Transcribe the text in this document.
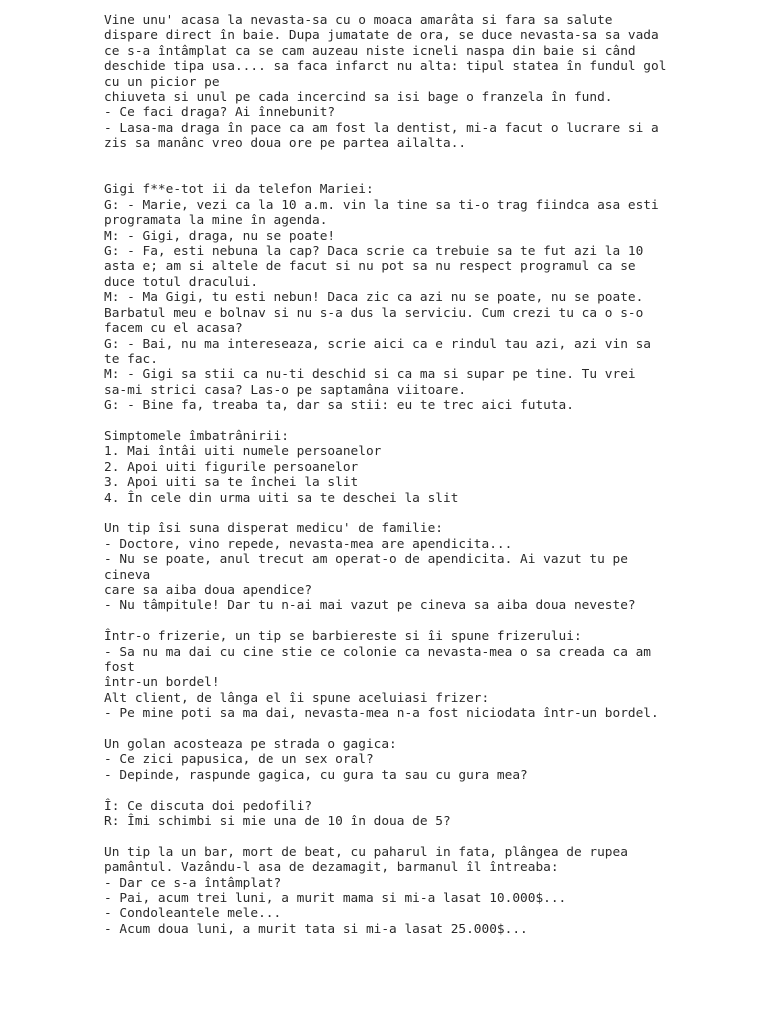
Vine unu' acasa la nevasta-sa cu o moaca amarâta si fara sa salute
dispare direct în baie. Dupa jumatate de ora, se duce nevasta-sa sa vada
ce s-a întâmplat ca se cam auzeau niste icneli naspa din baie si când
deschide tipa usa.... sa faca infarct nu alta: tipul statea în fundul gol
cu un picior pe
chiuveta si unul pe cada incercind sa isi bage o franzela în fund.
- Ce faci draga? Ai înnebunit?
- Lasa-ma draga în pace ca am fost la dentist, mi-a facut o lucrare si a
zis sa manânc vreo doua ore pe partea ailalta..
Gigi f**e-tot ii da telefon Mariei:
G: - Marie, vezi ca la 10 a.m. vin la tine sa ti-o trag fiindca asa esti
programata la mine în agenda.
M: - Gigi, draga, nu se poate!
G: - Fa, esti nebuna la cap? Daca scrie ca trebuie sa te fut azi la 10
asta e; am si altele de facut si nu pot sa nu respect programul ca se
duce totul dracului.
M: - Ma Gigi, tu esti nebun! Daca zic ca azi nu se poate, nu se poate.
Barbatul meu e bolnav si nu s-a dus la serviciu. Cum crezi tu ca o s-o
facem cu el acasa?
G: - Bai, nu ma intereseaza, scrie aici ca e rindul tau azi, azi vin sa
te fac.
M: - Gigi sa stii ca nu-ti deschid si ca ma si supar pe tine. Tu vrei
sa-mi strici casa? Las-o pe saptamâna viitoare.
G: - Bine fa, treaba ta, dar sa stii: eu te trec aici fututa.
Simptomele îmbatrânirii:
1. Mai întâi uiti numele persoanelor
2. Apoi uiti figurile persoanelor
3. Apoi uiti sa te închei la slit
4. În cele din urma uiti sa te deschei la slit
Un tip îsi suna disperat medicu' de familie:
- Doctore, vino repede, nevasta-mea are apendicita...
- Nu se poate, anul trecut am operat-o de apendicita. Ai vazut tu pe
cineva
care sa aiba doua apendice?
- Nu tâmpitule! Dar tu n-ai mai vazut pe cineva sa aiba doua neveste?
Într-o frizerie, un tip se barbiereste si îi spune frizerului:
- Sa nu ma dai cu cine stie ce colonie ca nevasta-mea o sa creada ca am
fost
într-un bordel!
Alt client, de lânga el îi spune aceluiasi frizer:
- Pe mine poti sa ma dai, nevasta-mea n-a fost niciodata într-un bordel.
Un golan acosteaza pe strada o gagica:
- Ce zici papusica, de un sex oral?
- Depinde, raspunde gagica, cu gura ta sau cu gura mea?
Î: Ce discuta doi pedofili?
R: Îmi schimbi si mie una de 10 în doua de 5?
Un tip la un bar, mort de beat, cu paharul in fata, plângea de rupea
pamântul. Vazându-l asa de dezamagit, barmanul îl întreaba:
- Dar ce s-a întâmplat?
- Pai, acum trei luni, a murit mama si mi-a lasat 10.000$...
- Condoleantele mele...
- Acum doua luni, a murit tata si mi-a lasat 25.000$...
